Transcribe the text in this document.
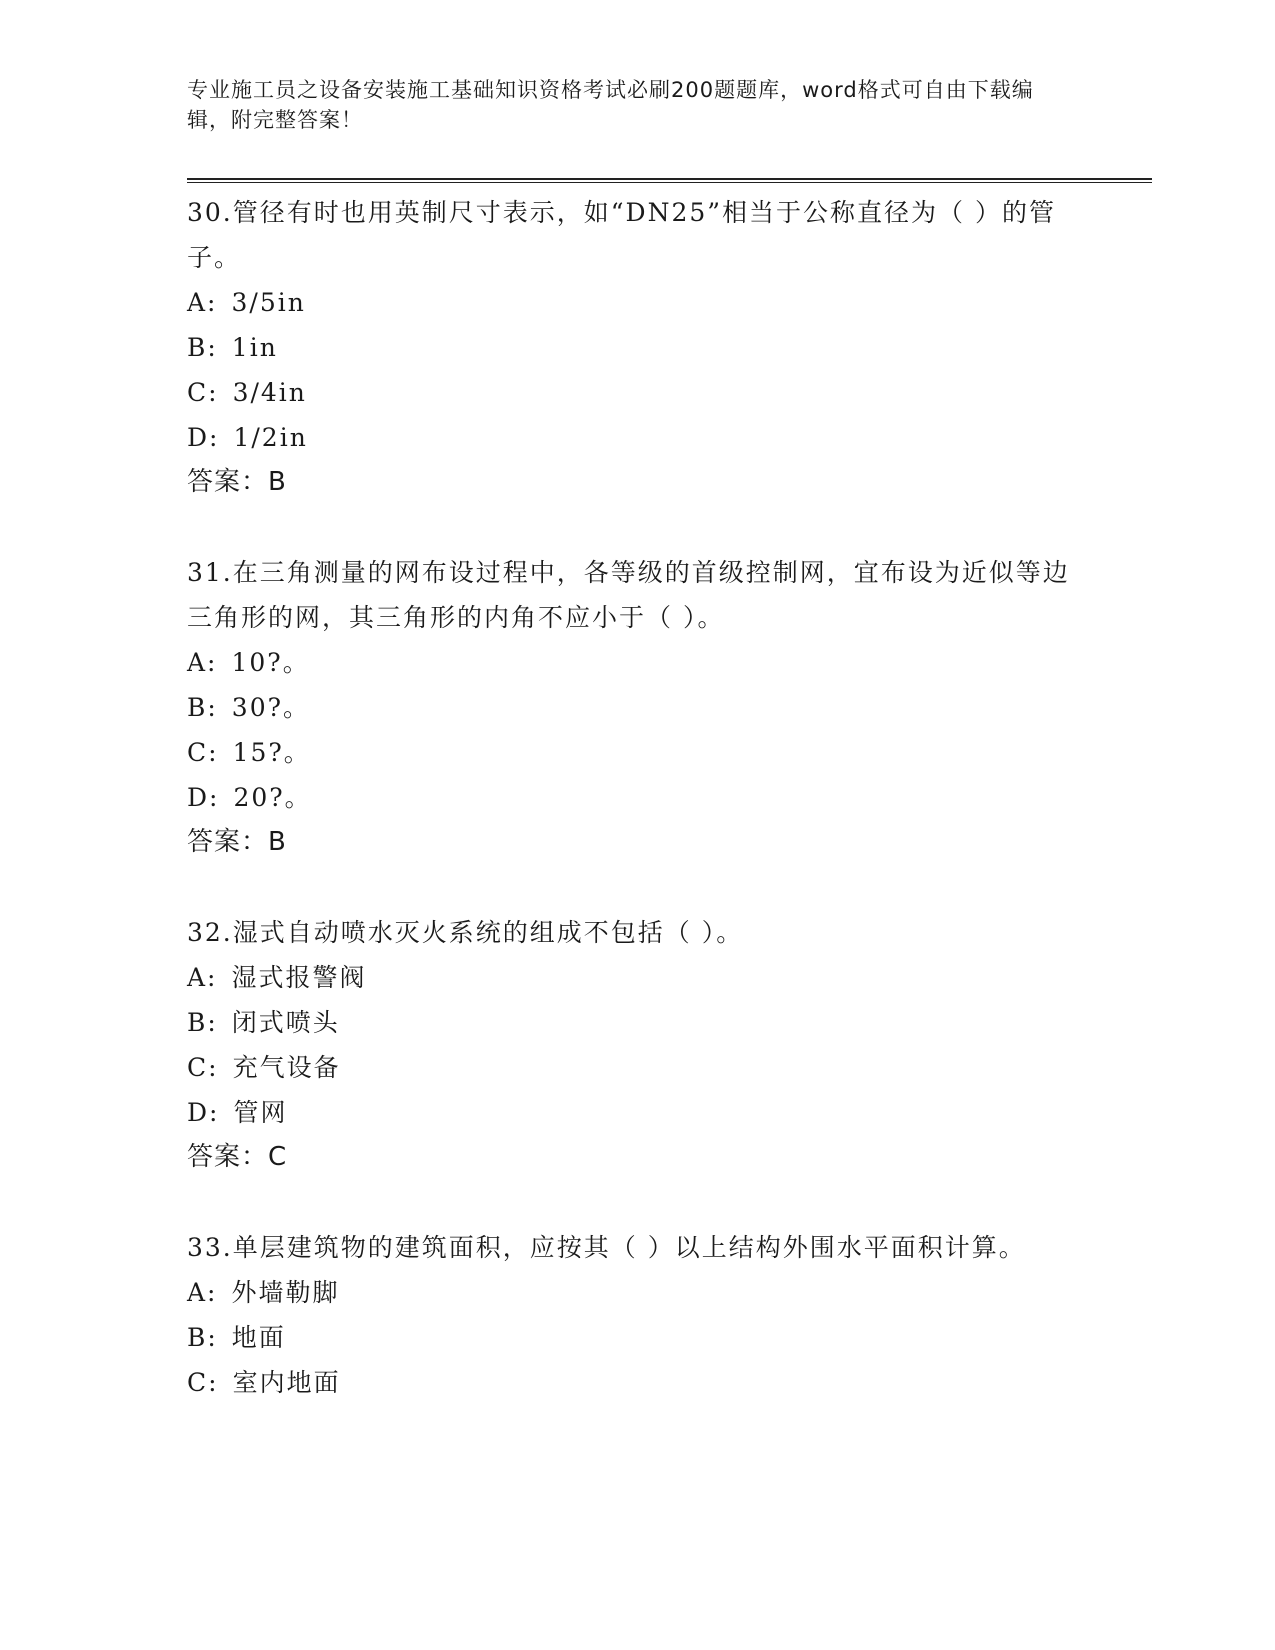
专业施工员之设备安装施工基础知识资格考试必刷200题题库，word格式可自由下载编辑，附完整答案！

30.管径有时也用英制尺寸表示，如“DN25”相当于公称直径为（ ）的管子。

A: 3/5in

B: 1in

C: 3/4in

D: 1/2in

答案：B

31.在三角测量的网布设过程中，各等级的首级控制网，宜布设为近似等边三角形的网，其三角形的内角不应小于（ ）。

A: 10?。

B: 30?。

C: 15?。

D: 20?。

答案：B

32.湿式自动喷水灭火系统的组成不包括（ ）。

A: 湿式报警阀

B: 闭式喷头

C: 充气设备

D: 管网

答案：C

33.单层建筑物的建筑面积，应按其（ ）以上结构外围水平面积计算。

A: 外墙勒脚

B: 地面

C: 室内地面
